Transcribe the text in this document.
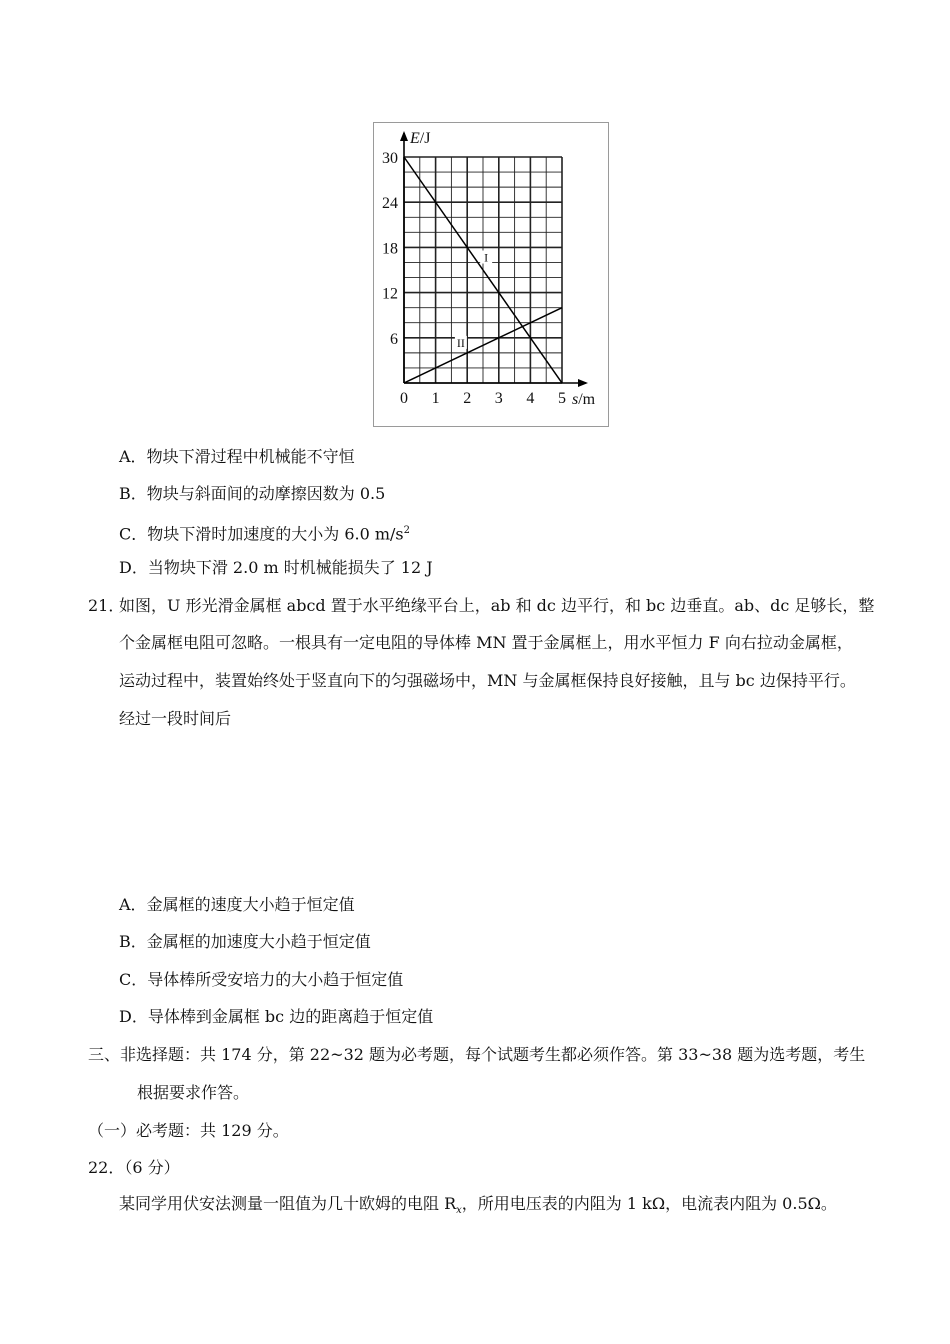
0 1 2 3 4 5
6
12
18
24
30
E/J
s/m
I
II
A．物块下滑过程中机械能不守恒
B．物块与斜面间的动摩擦因数为 0.5
C．物块下滑时加速度的大小为 6.0 $m/s^2$
D．当物块下滑 2.0 m 时机械能损失了 12 J
21．
如图，U 形光滑金属框 abcd 置于水平绝缘平台上，ab 和 dc 边平行，和 bc 边垂直。ab、dc 足够长，整
个金属框电阻可忽略。一根具有一定电阻的导体棒 MN 置于金属框上，用水平恒力 F 向右拉动金属框，
运动过程中，装置始终处于竖直向下的匀强磁场中，MN 与金属框保持良好接触，且与 bc 边保持平行。
经过一段时间后
A．金属框的速度大小趋于恒定值
B．金属框的加速度大小趋于恒定值
C．导体棒所受安培力的大小趋于恒定值
D．导体棒到金属框 bc 边的距离趋于恒定值
三、非选择题：共 174 分，第 22~32 题为必考题，每个试题考生都必须作答。第 33~38 题为选考题，考生
根据要求作答。
（一）必考题：共 129 分。
22．（6 分）
某同学用伏安法测量一阻值为几十欧姆的电阻 $R_x$，所用电压表的内阻为 1 kΩ，电流表内阻为 0.5Ω。
